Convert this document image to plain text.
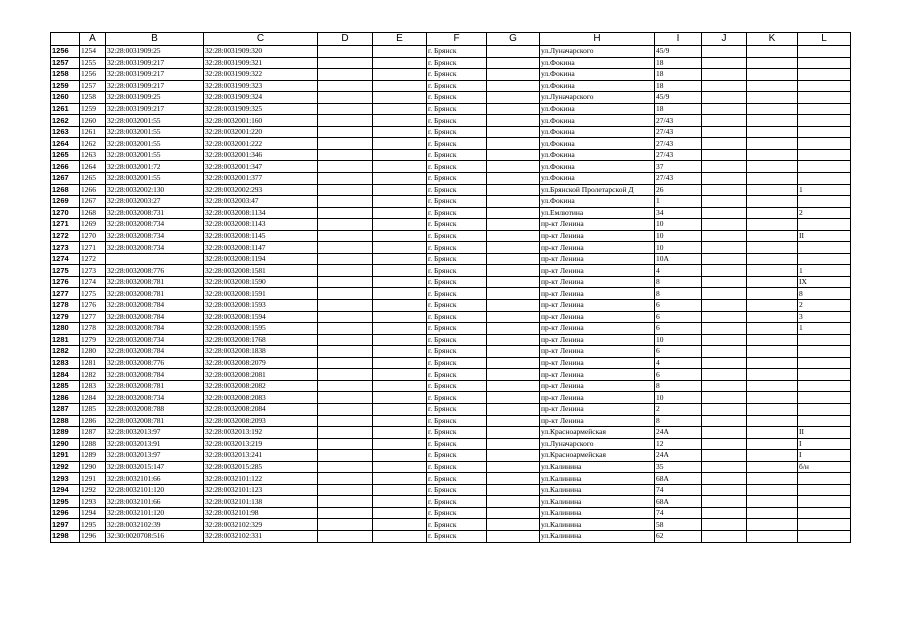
	A	B	C	D	E	F	G	H	I	J	K	L
1256	1254	32:28:0031909:25	32:28:0031909:320			г. Брянск		ул.Луначарского	45/9			
1257	1255	32:28:0031909:217	32:28:0031909:321			г. Брянск		ул.Фокина	18			
1258	1256	32:28:0031909:217	32:28:0031909:322			г. Брянск		ул.Фокина	18			
1259	1257	32:28:0031909:217	32:28:0031909:323			г. Брянск		ул.Фокина	18			
1260	1258	32:28:0031909:25	32:28:0031909:324			г. Брянск		ул.Луначарского	45/9			
1261	1259	32:28:0031909:217	32:28:0031909:325			г. Брянск		ул.Фокина	18			
1262	1260	32:28:0032001:55	32:28:0032001:160			г. Брянск		ул.Фокина	27/43			
1263	1261	32:28:0032001:55	32:28:0032001:220			г. Брянск		ул.Фокина	27/43			
1264	1262	32:28:0032001:55	32:28:0032001:222			г. Брянск		ул.Фокина	27/43			
1265	1263	32:28:0032001:55	32:28:0032001:346			г. Брянск		ул.Фокина	27/43			
1266	1264	32:28:0032001:72	32:28:0032001:347			г. Брянск		ул.Фокина	37			
1267	1265	32:28:0032001:55	32:28:0032001:377			г. Брянск		ул.Фокина	27/43			
1268	1266	32:28:0032002:130	32:28:0032002:293			г. Брянск		ул.Брянской Пролетарской Д	26			1
1269	1267	32:28:0032003:27	32:28:0032003:47			г. Брянск		ул.Фокина	1			
1270	1268	32:28:0032008:731	32:28:0032008:1134			г. Брянск		ул.Емлютина	34			2
1271	1269	32:28:0032008:734	32:28:0032008:1143			г. Брянск		пр-кт Ленина	10			
1272	1270	32:28:0032008:734	32:28:0032008:1145			г. Брянск		пр-кт Ленина	10			II
1273	1271	32:28:0032008:734	32:28:0032008:1147			г. Брянск		пр-кт Ленина	10			
1274	1272		32:28:0032008:1194			г. Брянск		пр-кт Ленина	10А			
1275	1273	32:28:0032008:776	32:28:0032008:1581			г. Брянск		пр-кт Ленина	4			1
1276	1274	32:28:0032008:781	32:28:0032008:1590			г. Брянск		пр-кт Ленина	8			IX
1277	1275	32:28:0032008:781	32:28:0032008:1591			г. Брянск		пр-кт Ленина	8			8
1278	1276	32:28:0032008:784	32:28:0032008:1593			г. Брянск		пр-кт Ленина	6			2
1279	1277	32:28:0032008:784	32:28:0032008:1594			г. Брянск		пр-кт Ленина	6			3
1280	1278	32:28:0032008:784	32:28:0032008:1595			г. Брянск		пр-кт Ленина	6			1
1281	1279	32:28:0032008:734	32:28:0032008:1768			г. Брянск		пр-кт Ленина	10			
1282	1280	32:28:0032008:784	32:28:0032008:1838			г. Брянск		пр-кт Ленина	6			
1283	1281	32:28:0032008:776	32:28:0032008:2079			г. Брянск		пр-кт Ленина	4			
1284	1282	32:28:0032008:784	32:28:0032008:2081			г. Брянск		пр-кт Ленина	6			
1285	1283	32:28:0032008:781	32:28:0032008:2082			г. Брянск		пр-кт Ленина	8			
1286	1284	32:28:0032008:734	32:28:0032008:2083			г. Брянск		пр-кт Ленина	10			
1287	1285	32:28:0032008:788	32:28:0032008:2084			г. Брянск		пр-кт Ленина	2			
1288	1286	32:28:0032008:781	32:28:0032008:2093			г. Брянск		пр-кт Ленина	8			
1289	1287	32:28:0032013:97	32:28:0032013:192			г. Брянск		ул.Красноармейская	24А			II
1290	1288	32:28:0032013:91	32:28:0032013:219			г. Брянск		ул.Луначарского	12			I
1291	1289	32:28:0032013:97	32:28:0032013:241			г. Брянск		ул.Красноармейская	24А			I
1292	1290	32:28:0032015:147	32:28:0032015:285			г. Брянск		ул.Калинина	35			б/н
1293	1291	32:28:0032101:66	32:28:0032101:122			г. Брянск		ул.Калинина	68А			
1294	1292	32:28:0032101:120	32:28:0032101:123			г. Брянск		ул.Калинина	74			
1295	1293	32:28:0032101:66	32:28:0032101:138			г. Брянск		ул.Калинина	68А			
1296	1294	32:28:0032101:120	32:28:0032101:98			г. Брянск		ул.Калинина	74			
1297	1295	32:28:0032102:39	32:28:0032102:329			г. Брянск		ул.Калинина	58			
1298	1296	32:30:0020708:516	32:28:0032102:331			г. Брянск		ул.Калинина	62			
